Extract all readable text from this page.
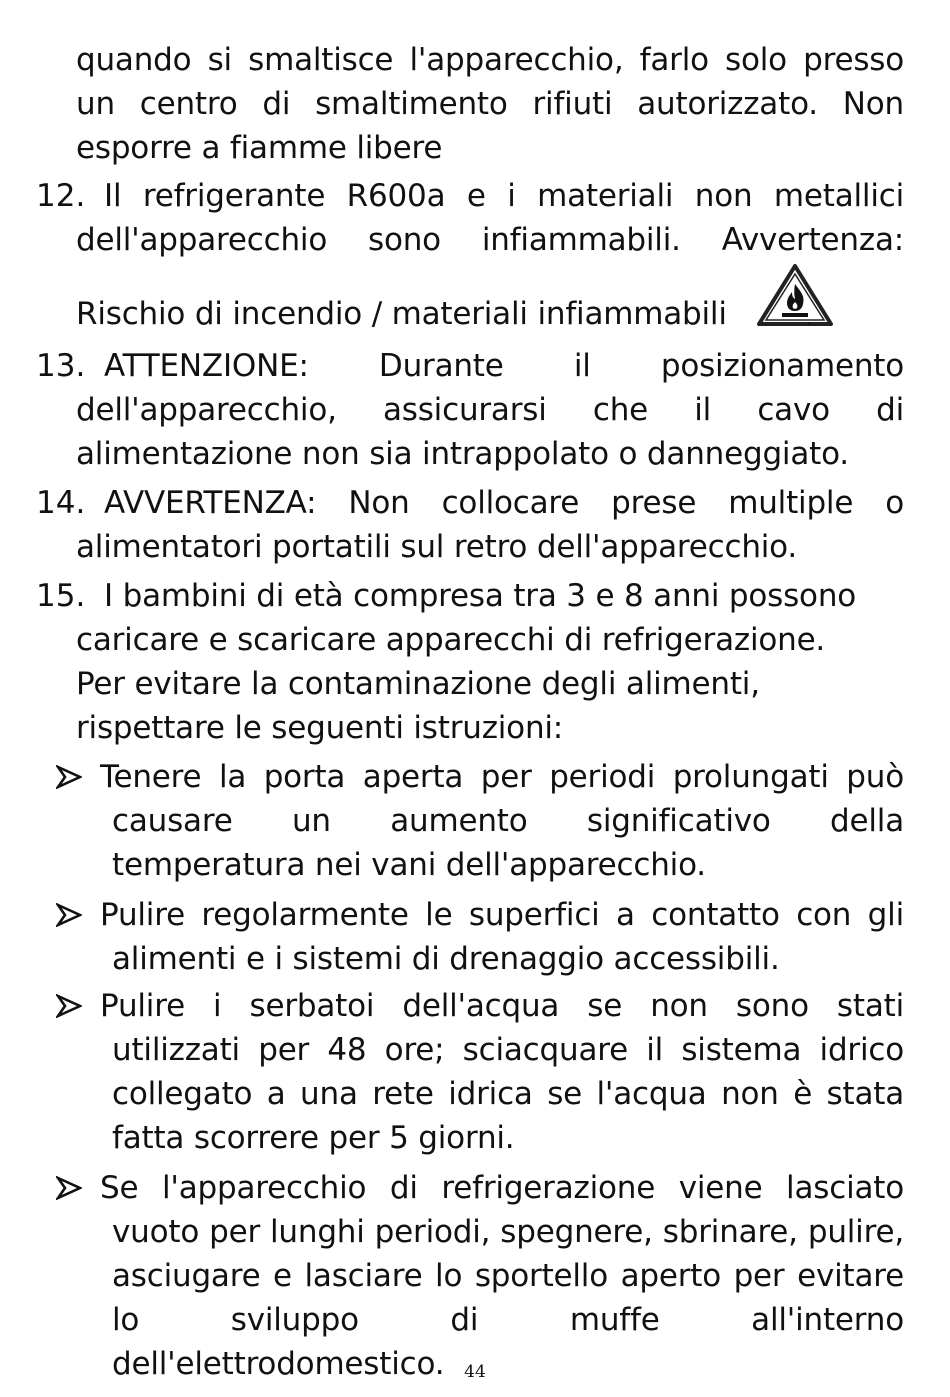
quando si smaltisce l'apparecchio, farlo solo presso un centro di smaltimento rifiuti autorizzato. Non esporre a fiamme libere
12. Il refrigerante R600a e i materiali non metallici dell'apparecchio sono infiammabili. Avvertenza: Rischio di incendio / materiali infiammabili	.
13. ATTENZIONE: Durante il posizionamento dell'apparecchio, assicurarsi che il cavo di alimentazione non sia intrappolato o danneggiato.
14. AVVERTENZA: Non collocare prese multiple o alimentatori portatili sul retro dell'apparecchio.
15. I bambini di età compresa tra 3 e 8 anni possono caricare e scaricare apparecchi di refrigerazione. Per evitare la contaminazione degli alimenti, rispettare le seguenti istruzioni:
Tenere la porta aperta per periodi prolungati può causare un aumento significativo della temperatura nei vani dell'apparecchio.
Pulire regolarmente le superfici a contatto con gli alimenti e i sistemi di drenaggio accessibili.
Pulire i serbatoi dell'acqua se non sono stati utilizzati per 48 ore; sciacquare il sistema idrico collegato a una rete idrica se l'acqua non è stata fatta scorrere per 5 giorni.
Se l'apparecchio di refrigerazione viene lasciato vuoto per lunghi periodi, spegnere, sbrinare, pulire, asciugare e lasciare lo sportello aperto per evitare lo sviluppo di muffe all'interno dell'elettrodomestico.	44
